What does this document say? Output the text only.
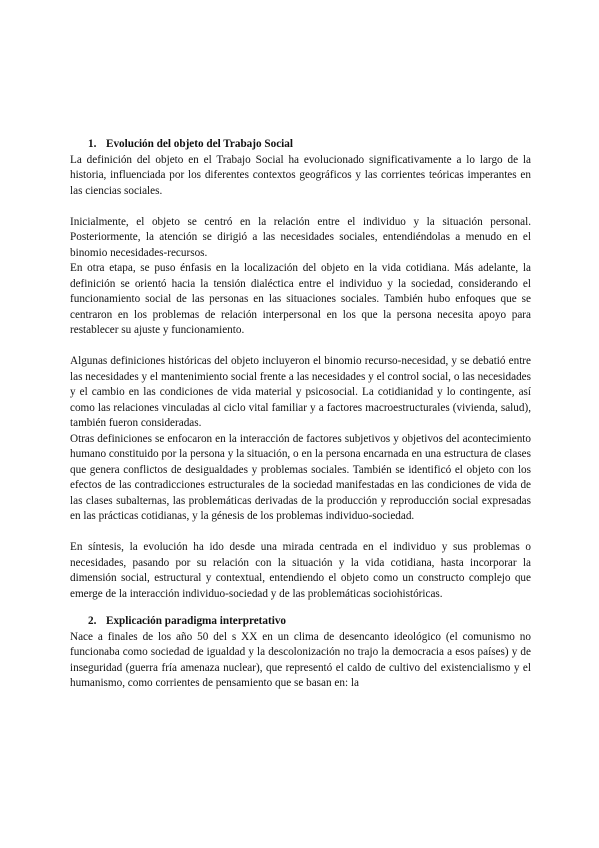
1. Evolución del objeto del Trabajo Social

La definición del objeto en el Trabajo Social ha evolucionado significativamente a lo largo de la historia, influenciada por los diferentes contextos geográficos y las corrientes teóricas imperantes en las ciencias sociales.

Inicialmente, el objeto se centró en la relación entre el individuo y la situación personal. Posteriormente, la atención se dirigió a las necesidades sociales, entendiéndolas a menudo en el binomio necesidades-recursos.

En otra etapa, se puso énfasis en la localización del objeto en la vida cotidiana. Más adelante, la definición se orientó hacia la tensión dialéctica entre el individuo y la sociedad, considerando el funcionamiento social de las personas en las situaciones sociales. También hubo enfoques que se centraron en los problemas de relación interpersonal en los que la persona necesita apoyo para restablecer su ajuste y funcionamiento.

Algunas definiciones históricas del objeto incluyeron el binomio recurso-necesidad, y se debatió entre las necesidades y el mantenimiento social frente a las necesidades y el control social, o las necesidades y el cambio en las condiciones de vida material y psicosocial. La cotidianidad y lo contingente, así como las relaciones vinculadas al ciclo vital familiar y a factores macroestructurales (vivienda, salud), también fueron consideradas.

Otras definiciones se enfocaron en la interacción de factores subjetivos y objetivos del acontecimiento humano constituido por la persona y la situación, o en la persona encarnada en una estructura de clases que genera conflictos de desigualdades y problemas sociales. También se identificó el objeto con los efectos de las contradicciones estructurales de la sociedad manifestadas en las condiciones de vida de las clases subalternas, las problemáticas derivadas de la producción y reproducción social expresadas en las prácticas cotidianas, y la génesis de los problemas individuo-sociedad.

En síntesis, la evolución ha ido desde una mirada centrada en el individuo y sus problemas o necesidades, pasando por su relación con la situación y la vida cotidiana, hasta incorporar la dimensión social, estructural y contextual, entendiendo el objeto como un constructo complejo que emerge de la interacción individuo-sociedad y de las problemáticas sociohistóricas.

2. Explicación paradigma interpretativo

Nace a finales de los año 50 del s XX en un clima de desencanto ideológico (el comunismo no funcionaba como sociedad de igualdad y la descolonización no trajo la democracia a esos países) y de inseguridad (guerra fría amenaza nuclear), que representó el caldo de cultivo del existencialismo y el humanismo, como corrientes de pensamiento que se basan en: la
